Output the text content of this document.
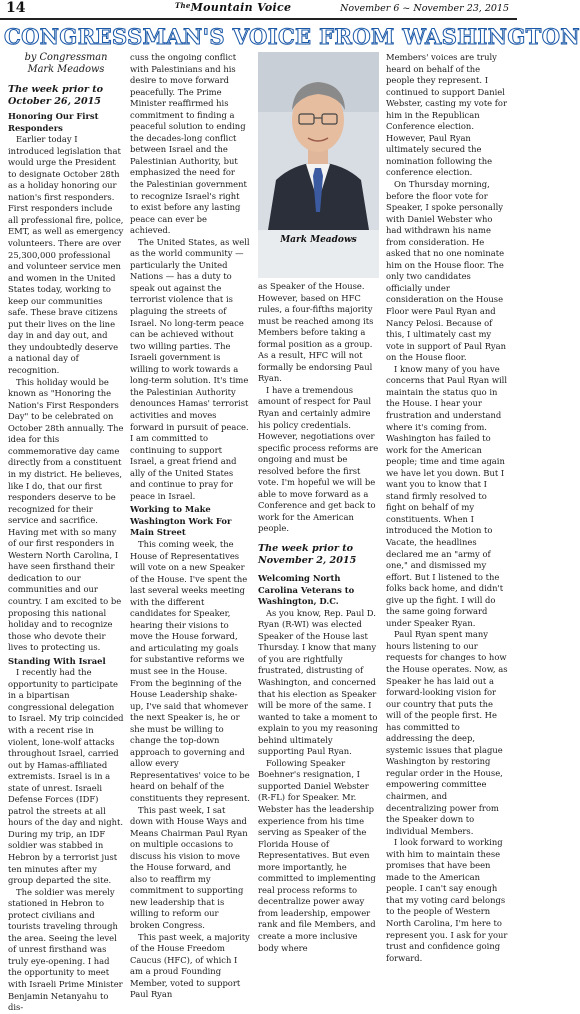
14	$^{The}$Mountain Voice	November 6 ~ November 23, 2015
CONGRESSMAN'S VOICE FROM WASHINGTON

by Congressman

Mark Meadows

The week prior to October 26, 2015

Honoring Our First Responders

Earlier today I introduced legislation that would urge the President to designate October 28th as a holiday honoring our nation's first responders. First responders include all professional fire, police, EMT, as well as emergency volunteers. There are over 25,300,000 professional and volunteer service men and women in the United States today, working to keep our communities safe. These brave citizens put their lives on the line day in and day out, and they undoubtedly deserve a national day of recognition.

This holiday would be known as "Honoring the Nation's First Responders Day" to be celebrated on October 28th annually. The idea for this commemorative day came directly from a constituent in my district. He believes, like I do, that our first responders deserve to be recognized for their service and sacrifice. Having met with so many of our first responders in Western North Carolina, I have seen firsthand their dedication to our communities and our country. I am excited to be proposing this national holiday and to recognize those who devote their lives to protecting us.

Standing With Israel

I recently had the opportunity to participate in a bipartisan congressional delegation to Israel. My trip coincided with a recent rise in violent, lone-wolf attacks throughout Israel, carried out by Hamas-affiliated extremists. Israel is in a state of unrest. Israeli Defense Forces (IDF) patrol the streets at all hours of the day and night. During my trip, an IDF soldier was stabbed in Hebron by a terrorist just ten minutes after my group departed the site.

The soldier was merely stationed in Hebron to protect civilians and tourists traveling through the area. Seeing the level of unrest firsthand was truly eye-opening. I had the opportunity to meet with Israeli Prime Minister Benjamin Netanyahu to dis-

cuss the ongoing conflict with Palestinians and his desire to move forward peacefully. The Prime Minister reaffirmed his commitment to finding a peaceful solution to ending the decades-long conflict between Israel and the Palestinian Authority, but emphasized the need for the Palestinian government to recognize Israel's right to exist before any lasting peace can ever be achieved.

The United States, as well as the world community — particularly the United Nations — has a duty to speak out against the terrorist violence that is plaguing the streets of Israel. No long-term peace can be achieved without two willing parties. The Israeli government is willing to work towards a long-term solution. It's time the Palestinian Authority denounces Hamas' terrorist activities and moves forward in pursuit of peace. I am committed to continuing to support Israel, a great friend and ally of the United States and continue to pray for peace in Israel.

Working to Make Washington Work For Main Street

This coming week, the House of Representatives will vote on a new Speaker of the House. I've spent the last several weeks meeting with the different candidates for Speaker, hearing their visions to move the House forward, and articulating my goals for substantive reforms we must see in the House. From the beginning of the House Leadership shake-up, I've said that whomever the next Speaker is, he or she must be willing to change the top-down approach to governing and allow every Representatives' voice to be heard on behalf of the constituents they represent.

This past week, I sat down with House Ways and Means Chairman Paul Ryan on multiple occasions to discuss his vision to move the House forward, and also to reaffirm my commitment to supporting new leadership that is willing to reform our broken Congress.

This past week, a majority of the House Freedom Caucus (HFC), of which I am a proud Founding Member, voted to support Paul Ryan

Mark Meadows

as Speaker of the House. However, based on HFC rules, a four-fifths majority must be reached among its Members before taking a formal position as a group. As a result, HFC will not formally be endorsing Paul Ryan.

I have a tremendous amount of respect for Paul Ryan and certainly admire his policy credentials. However, negotiations over specific process reforms are ongoing and must be resolved before the first vote. I'm hopeful we will be able to move forward as a Conference and get back to work for the American people.

The week prior to November 2, 2015

Welcoming North Carolina Veterans to Washington, D.C.

As you know, Rep. Paul D. Ryan (R-WI) was elected Speaker of the House last Thursday. I know that many of you are rightfully frustrated, distrusting of Washington, and concerned that his election as Speaker will be more of the same. I wanted to take a moment to explain to you my reasoning behind ultimately supporting Paul Ryan.

Following Speaker Boehner's resignation, I supported Daniel Webster (R-FL) for Speaker. Mr. Webster has the leadership experience from his time serving as Speaker of the Florida House of Representatives. But even more importantly, he committed to implementing real process reforms to decentralize power away from leadership, empower rank and file Members, and create a more inclusive body where

Members' voices are truly heard on behalf of the people they represent. I continued to support Daniel Webster, casting my vote for him in the Republican Conference election. However, Paul Ryan ultimately secured the nomination following the conference election.

On Thursday morning, before the floor vote for Speaker, I spoke personally with Daniel Webster who had withdrawn his name from consideration. He asked that no one nominate him on the House floor. The only two candidates officially under consideration on the House Floor were Paul Ryan and Nancy Pelosi. Because of this, I ultimately cast my vote in support of Paul Ryan on the House floor.

I know many of you have concerns that Paul Ryan will maintain the status quo in the House. I hear your frustration and understand where it's coming from. Washington has failed to work for the American people; time and time again we have let you down. But I want you to know that I stand firmly resolved to fight on behalf of my constituents. When I introduced the Motion to Vacate, the headlines declared me an "army of one," and dismissed my effort. But I listened to the folks back home, and didn't give up the fight. I will do the same going forward under Speaker Ryan.

Paul Ryan spent many hours listening to our requests for changes to how the House operates. Now, as Speaker he has laid out a forward-looking vision for our country that puts the will of the people first. He has committed to addressing the deep, systemic issues that plague Washington by restoring regular order in the House, empowering committee chairmen, and decentralizing power from the Speaker down to individual Members.

I look forward to working with him to maintain these promises that have been made to the American people. I can't say enough that my voting card belongs to the people of Western North Carolina, I'm here to represent you. I ask for your trust and confidence going forward.
